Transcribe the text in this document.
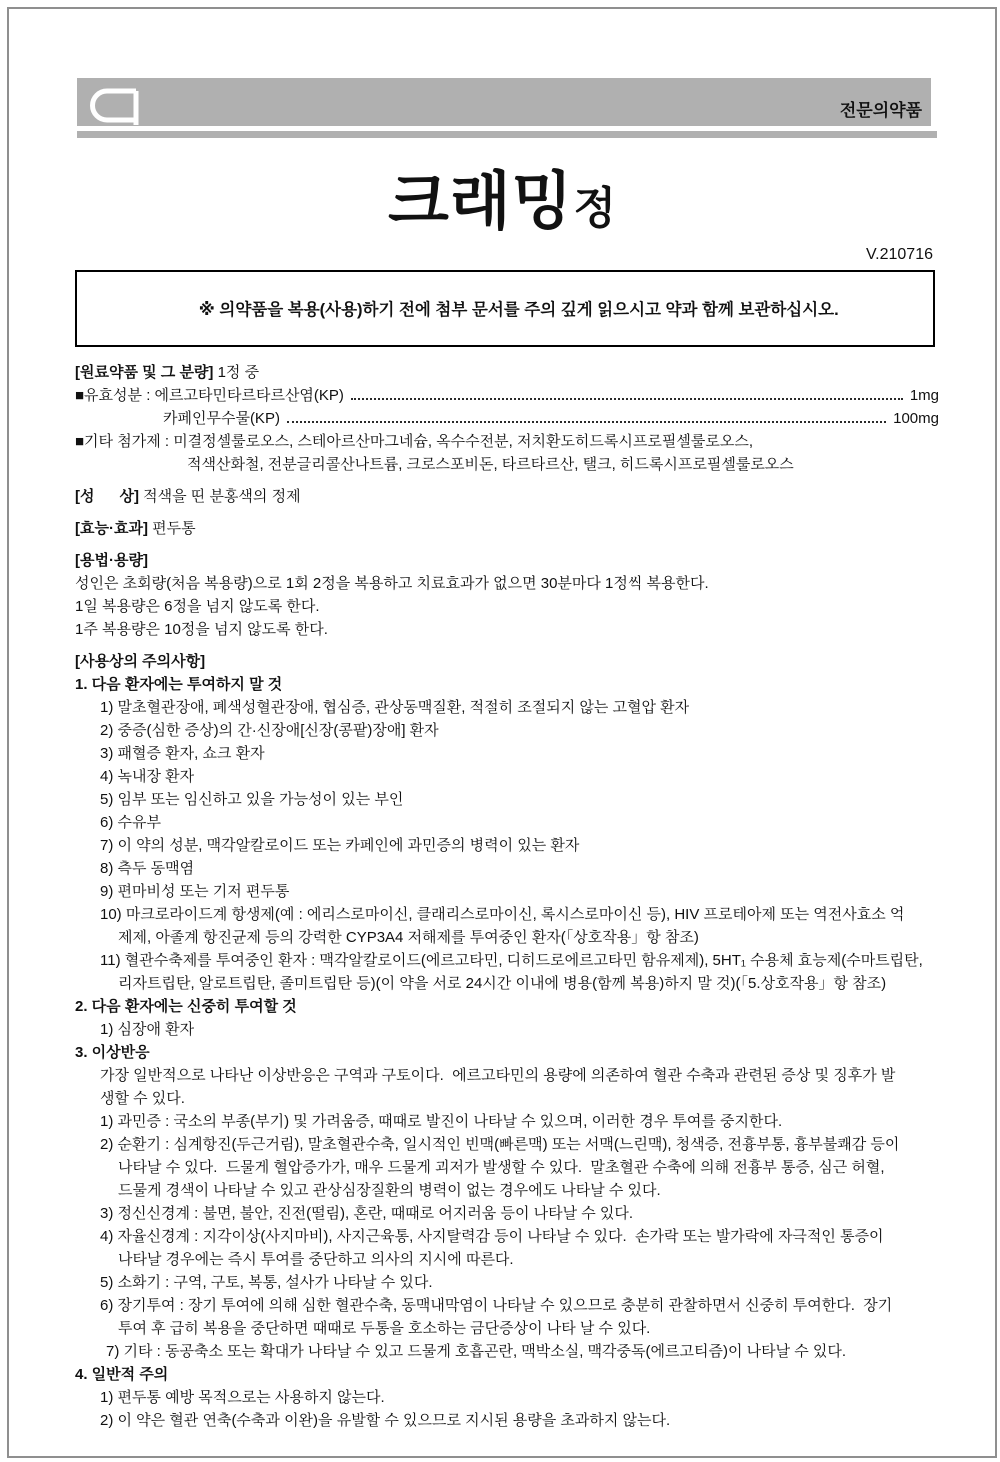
전문의약품
크래밍정
V.210716

※ 의약품을 복용(사용)하기 전에 첨부 문서를 주의 깊게 읽으시고 약과 함께 보관하십시오.

[원료약품 및 그 분량] 1정 중
■유효성분 : 에르고타민타르타르산염(KP)	1mg
카페인무수물(KP)	100mg
■기타 첨가제 : 미결정셀룰로오스, 스테아르산마그네슘, 옥수수전분, 저치환도히드록시프로필셀룰로오스,
적색산화철, 전분글리콜산나트륨, 크로스포비돈, 타르타르산, 탤크, 히드록시프로필셀룰로오스
[성      상] 적색을 띤 분홍색의 정제
[효능·효과] 편두통
[용법·용량]
성인은 초회량(처음 복용량)으로 1회 2정을 복용하고 치료효과가 없으면 30분마다 1정씩 복용한다.
1일 복용량은 6정을 넘지 않도록 한다.
1주 복용량은 10정을 넘지 않도록 한다.
[사용상의 주의사항]
1. 다음 환자에는 투여하지 말 것
1) 말초혈관장애, 폐색성혈관장애, 협심증, 관상동맥질환, 적절히 조절되지 않는 고혈압 환자
2) 중증(심한 증상)의 간·신장애[신장(콩팥)장애] 환자
3) 패혈증 환자, 쇼크 환자
4) 녹내장 환자
5) 임부 또는 임신하고 있을 가능성이 있는 부인
6) 수유부
7) 이 약의 성분, 맥각알칼로이드 또는 카페인에 과민증의 병력이 있는 환자
8) 측두 동맥염
9) 편마비성 또는 기저 편두통
10) 마크로라이드계 항생제(예 : 에리스로마이신, 클래리스로마이신, 록시스로마이신 등), HIV 프로테아제 또는 역전사효소 억
제제, 아졸계 항진균제 등의 강력한 CYP3A4 저해제를 투여중인 환자(「상호작용」항 참조)
11) 혈관수축제를 투여중인 환자 : 맥각알칼로이드(에르고타민, 디히드로에르고타민 함유제제), 5HT₁ 수용체 효능제(수마트립탄,
리자트립탄, 알로트립탄, 졸미트립탄 등)(이 약을 서로 24시간 이내에 병용(함께 복용)하지 말 것)(「5.상호작용」항 참조)
2. 다음 환자에는 신중히 투여할 것
1) 심장애 환자
3. 이상반응
가장 일반적으로 나타난 이상반응은 구역과 구토이다.  에르고타민의 용량에 의존하여 혈관 수축과 관련된 증상 및 징후가 발
생할 수 있다.
1) 과민증 : 국소의 부종(부기) 및 가려움증, 때때로 발진이 나타날 수 있으며, 이러한 경우 투여를 중지한다.
2) 순환기 : 심계항진(두근거림), 말초혈관수축, 일시적인 빈맥(빠른맥) 또는 서맥(느린맥), 청색증, 전흉부통, 흉부불쾌감 등이
나타날 수 있다.  드물게 혈압증가가, 매우 드물게 괴저가 발생할 수 있다.  말초혈관 수축에 의해 전흉부 통증, 심근 허혈,
드물게 경색이 나타날 수 있고 관상심장질환의 병력이 없는 경우에도 나타날 수 있다.
3) 정신신경계 : 불면, 불안, 진전(떨림), 혼란, 때때로 어지러움 등이 나타날 수 있다.
4) 자율신경계 : 지각이상(사지마비), 사지근육통, 사지탈력감 등이 나타날 수 있다.  손가락 또는 발가락에 자극적인 통증이
나타날 경우에는 즉시 투여를 중단하고 의사의 지시에 따른다.
5) 소화기 : 구역, 구토, 복통, 설사가 나타날 수 있다.
6) 장기투여 : 장기 투여에 의해 심한 혈관수축, 동맥내막염이 나타날 수 있으므로 충분히 관찰하면서 신중히 투여한다.  장기
투여 후 급히 복용을 중단하면 때때로 두통을 호소하는 금단증상이 나타 날 수 있다.
7) 기타 : 동공축소 또는 확대가 나타날 수 있고 드물게 호흡곤란, 맥박소실, 맥각중독(에르고티즘)이 나타날 수 있다.
4. 일반적 주의
1) 편두통 예방 목적으로는 사용하지 않는다.
2) 이 약은 혈관 연축(수축과 이완)을 유발할 수 있으므로 지시된 용량을 초과하지 않는다.
